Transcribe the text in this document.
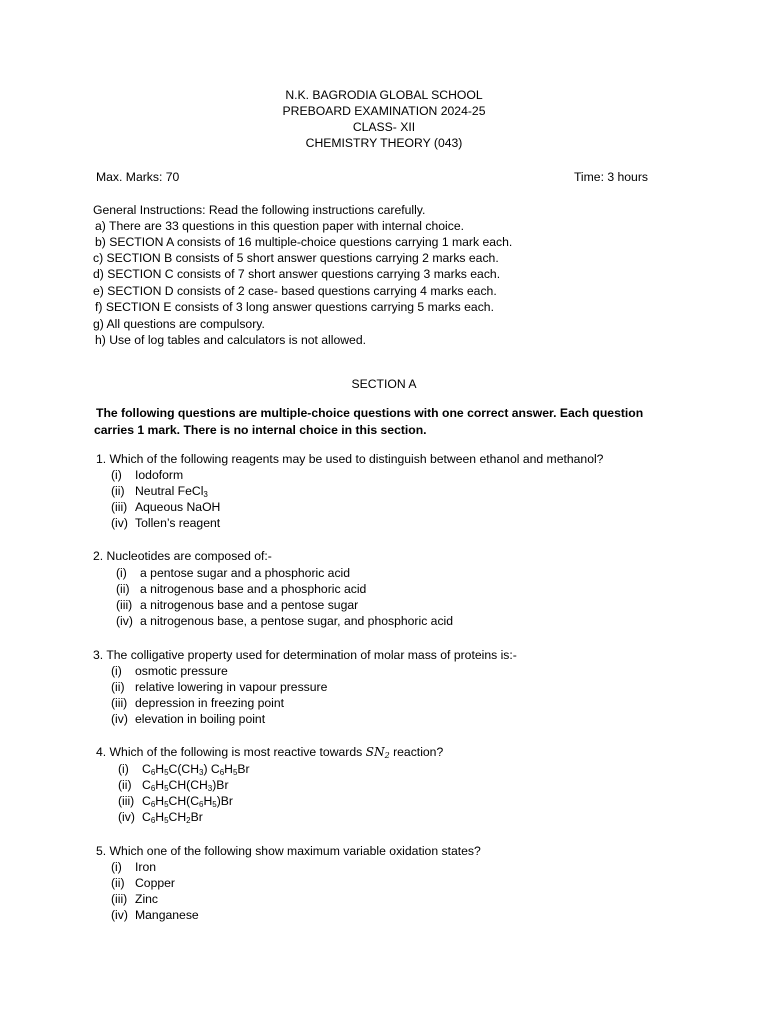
N.K. BAGRODIA GLOBAL SCHOOL
PREBOARD EXAMINATION 2024-25
CLASS- XII
CHEMISTRY THEORY (043)
Max. Marks: 70	Time: 3 hours
General Instructions: Read the following instructions carefully.
a) There are 33 questions in this question paper with internal choice.
b) SECTION A consists of 16 multiple-choice questions carrying 1 mark each.
c) SECTION B consists of 5 short answer questions carrying 2 marks each.
d) SECTION C consists of 7 short answer questions carrying 3 marks each.
e) SECTION D consists of 2 case- based questions carrying 4 marks each.
f) SECTION E consists of 3 long answer questions carrying 5 marks each.
g) All questions are compulsory.
h) Use of log tables and calculators is not allowed.
SECTION A
The following questions are multiple-choice questions with one correct answer. Each question
carries 1 mark. There is no internal choice in this section.
1. Which of the following reagents may be used to distinguish between ethanol and methanol?
(i) Iodoform
(ii) Neutral FeCl$_3$
(iii) Aqueous NaOH
(iv) Tollen’s reagent
2. Nucleotides are composed of:-
(i) a pentose sugar and a phosphoric acid
(ii) a nitrogenous base and a phosphoric acid
(iii) a nitrogenous base and a pentose sugar
(iv) a nitrogenous base, a pentose sugar, and phosphoric acid
3. The colligative property used for determination of molar mass of proteins is:-
(i) osmotic pressure
(ii) relative lowering in vapour pressure
(iii) depression in freezing point
(iv) elevation in boiling point
4. Which of the following is most reactive towards $SN_2$ reaction?
(i) $C_6H_5C(CH_3)$ $C_6H_5Br$
(ii) $C_6H_5CH(CH_3)Br$
(iii) $C_6H_5CH(C_6H_5)Br$
(iv) $C_6H_5CH_2Br$
5. Which one of the following show maximum variable oxidation states?
(i) Iron
(ii) Copper
(iii) Zinc
(iv) Manganese
